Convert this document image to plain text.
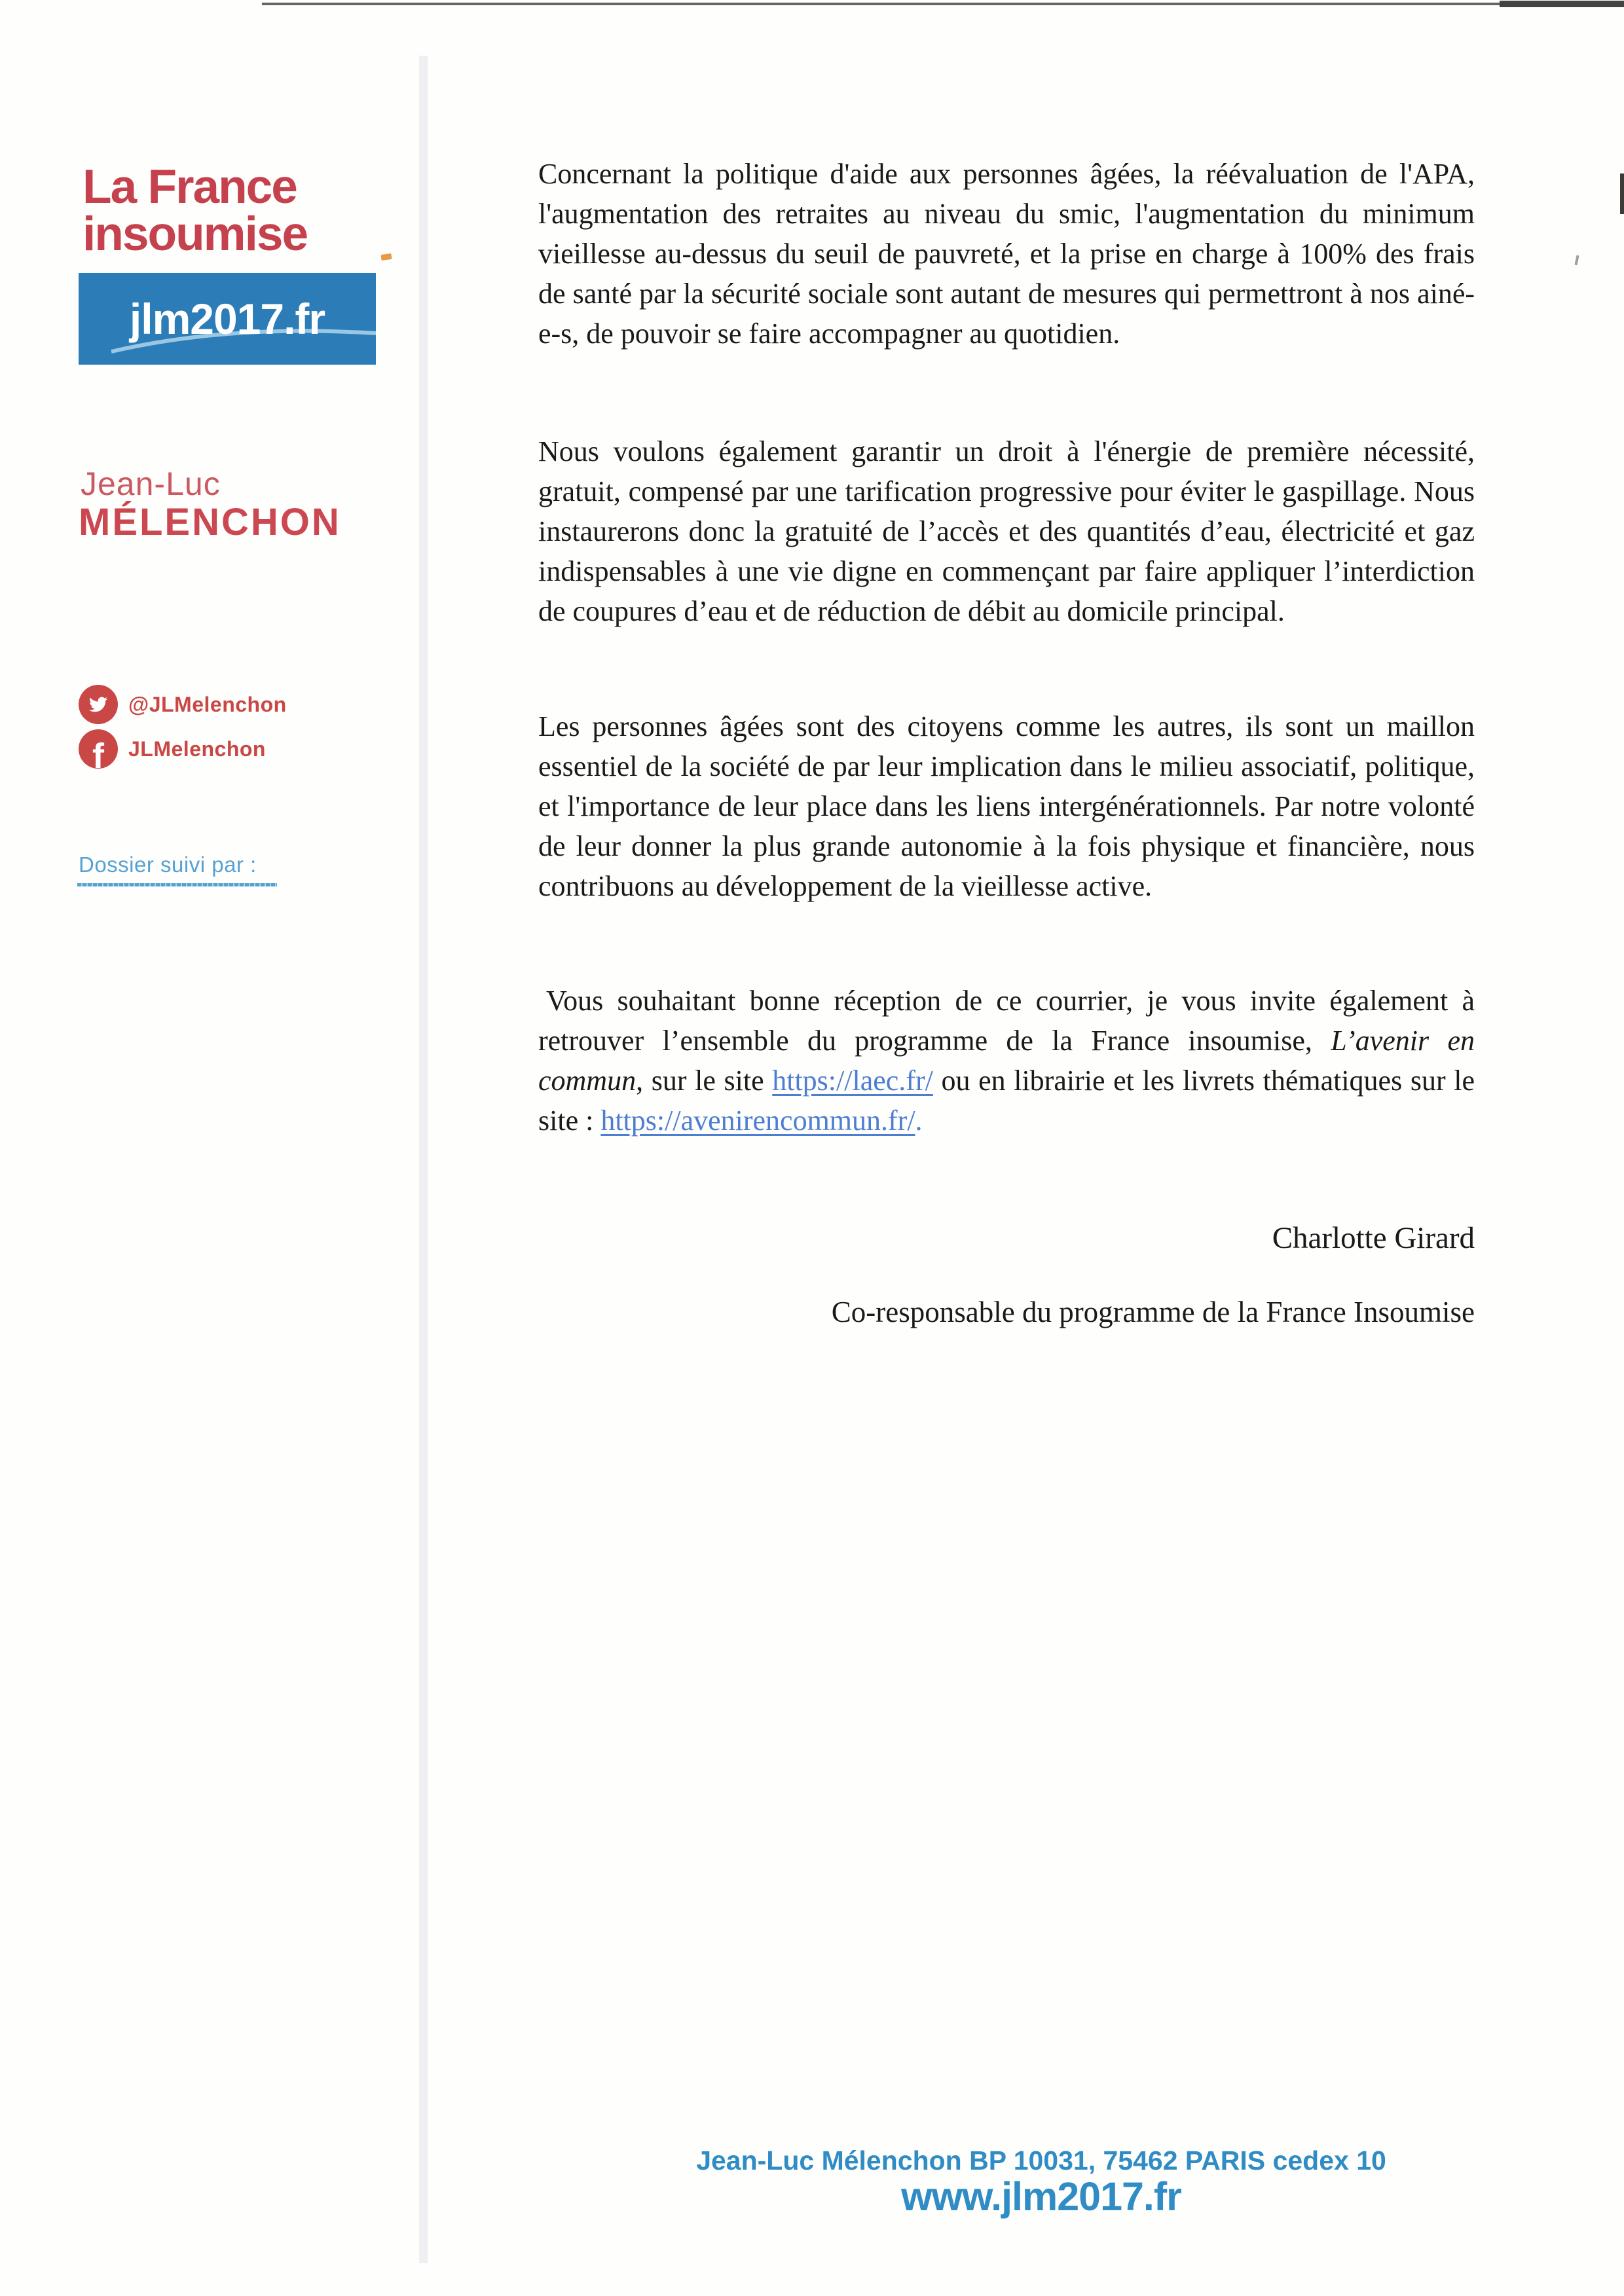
La France
insoumise
jlm2017.fr
Jean-Luc
MÉLENCHON
@JLMelenchon
f JLMelenchon
Dossier suivi par :

Concernant la politique d'aide aux personnes âgées, la réévaluation de l'APA, l'augmentation des retraites au niveau du smic, l'augmentation du minimum vieillesse au-dessus du seuil de pauvreté, et la prise en charge à 100% des frais de santé par la sécurité sociale sont autant de mesures qui permettront à nos ainé-e-s, de pouvoir se faire accompagner au quotidien.

Nous voulons également garantir un droit à l'énergie de première nécessité, gratuit, compensé par une tarification progressive pour éviter le gaspillage. Nous instaurerons donc la gratuité de l’accès et des quantités d’eau, électricité et gaz indispensables à une vie digne en commençant par faire appliquer l’interdiction de coupures d’eau et de réduction de débit au domicile principal.

Les personnes âgées sont des citoyens comme les autres, ils sont un maillon essentiel de la société de par leur implication dans le milieu associatif, politique, et l'importance de leur place dans les liens intergénérationnels. Par notre volonté de leur donner la plus grande autonomie à la fois physique et financière, nous contribuons au développement de la vieillesse active.

Vous souhaitant bonne réception de ce courrier, je vous invite également à retrouver l’ensemble du programme de la France insoumise, L’avenir en commun, sur le site https://laec.fr/ ou en librairie et les livrets thématiques sur le site : https://avenirencommun.fr/.

Charlotte Girard
Co-responsable du programme de la France Insoumise
Jean-Luc Mélenchon BP 10031, 75462 PARIS cedex 10
www.jlm2017.fr
